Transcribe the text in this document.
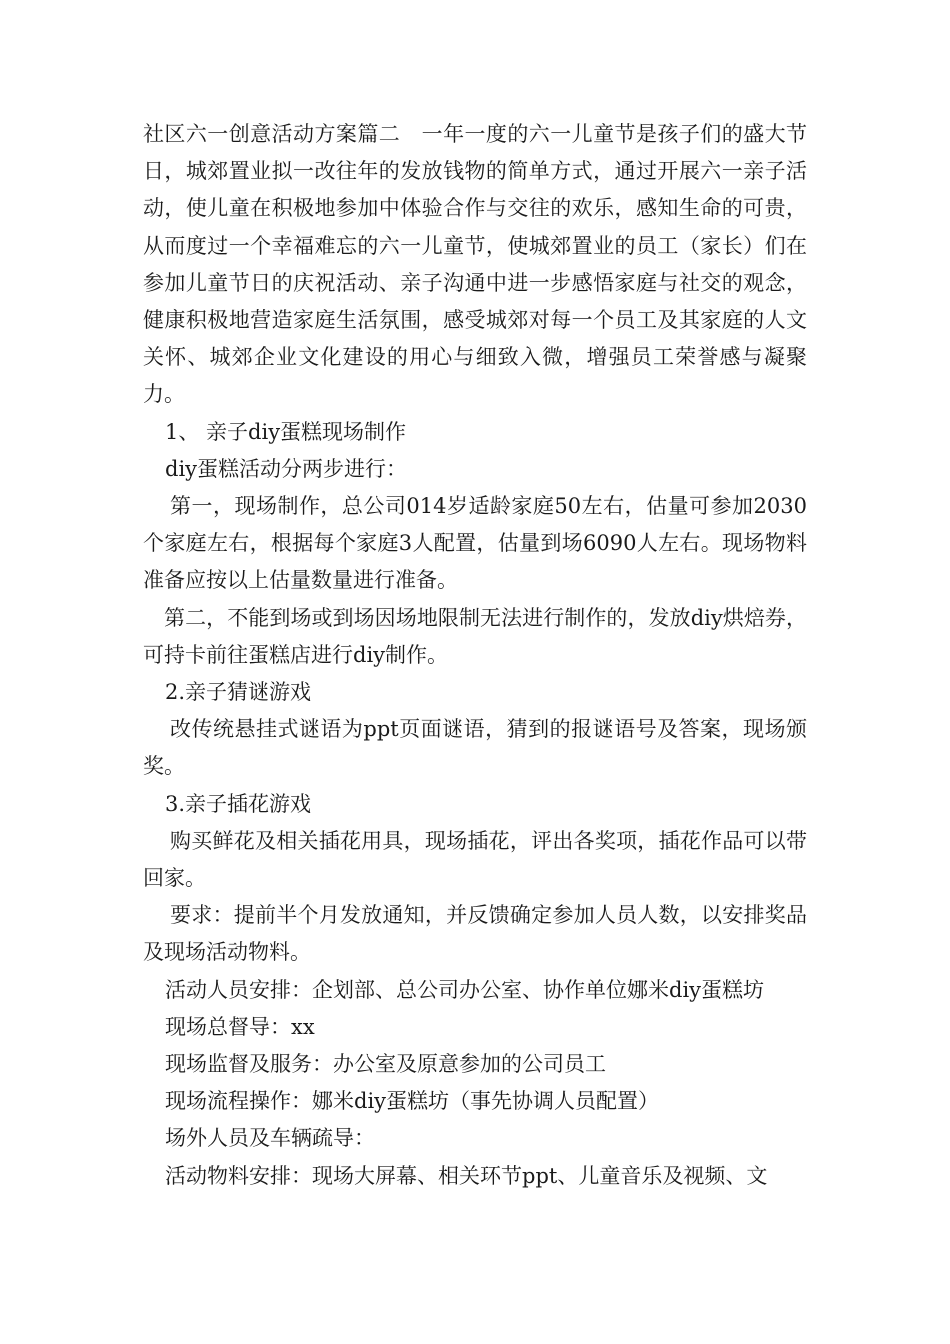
社区六一创意活动方案篇二　一年一度的六一儿童节是孩子们的盛大节日，城郊置业拟一改往年的发放钱物的简单方式，通过开展六一亲子活动，使儿童在积极地参加中体验合作与交往的欢乐，感知生命的可贵，从而度过一个幸福难忘的六一儿童节，使城郊置业的员工（家长）们在参加儿童节日的庆祝活动、亲子沟通中进一步感悟家庭与社交的观念，健康积极地营造家庭生活氛围，感受城郊对每一个员工及其家庭的人文关怀、城郊企业文化建设的用心与细致入微，增强员工荣誉感与凝聚力。

1、 亲子diy蛋糕现场制作

diy蛋糕活动分两步进行：

第一，现场制作，总公司014岁适龄家庭50左右，估量可参加2030个家庭左右，根据每个家庭3人配置，估量到场6090人左右。现场物料准备应按以上估量数量进行准备。

第二，不能到场或到场因场地限制无法进行制作的，发放diy烘焙券，可持卡前往蛋糕店进行diy制作。

2.亲子猜谜游戏

改传统悬挂式谜语为ppt页面谜语，猜到的报谜语号及答案，现场颁奖。

3.亲子插花游戏

购买鲜花及相关插花用具，现场插花，评出各奖项，插花作品可以带回家。

要求：提前半个月发放通知，并反馈确定参加人员人数，以安排奖品及现场活动物料。

活动人员安排：企划部、总公司办公室、协作单位娜米diy蛋糕坊

现场总督导：xx

现场监督及服务：办公室及原意参加的公司员工

现场流程操作：娜米diy蛋糕坊（事先协调人员配置）

场外人员及车辆疏导：

活动物料安排：现场大屏幕、相关环节ppt、儿童音乐及视频、文
